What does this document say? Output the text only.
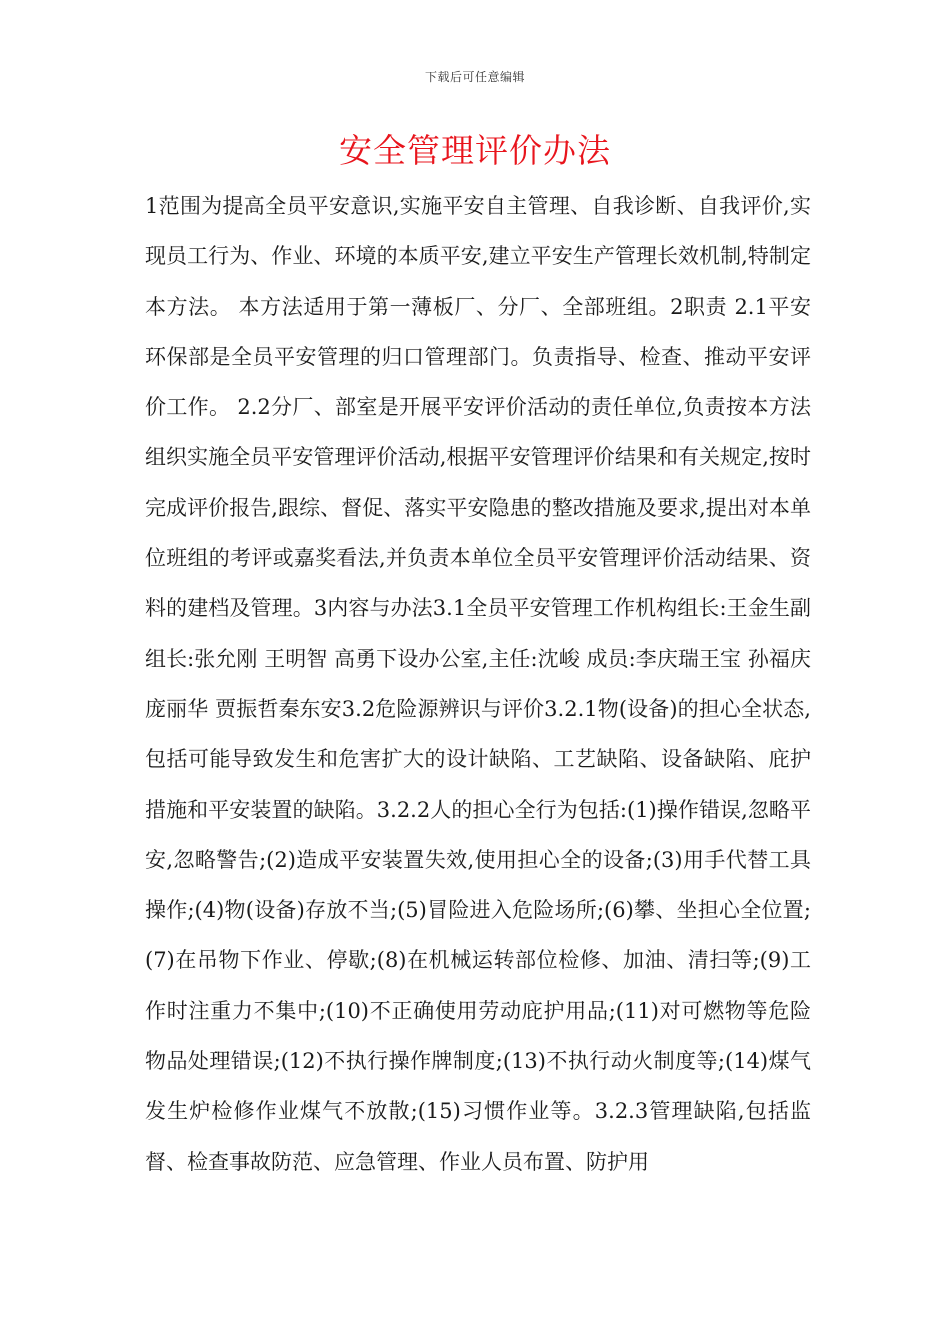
下载后可任意编辑
安全管理评价办法

1范围为提高全员平安意识,实施平安自主管理、自我诊断、自我评价,实现员工行为、作业、环境的本质平安,建立平安生产管理长效机制,特制定本方法。 本方法适用于第一薄板厂、分厂、全部班组。2职责 2.1平安环保部是全员平安管理的归口管理部门。负责指导、检查、推动平安评价工作。 2.2分厂、部室是开展平安评价活动的责任单位,负责按本方法组织实施全员平安管理评价活动,根据平安管理评价结果和有关规定,按时完成评价报告,跟综、督促、落实平安隐患的整改措施及要求,提出对本单位班组的考评或嘉奖看法,并负责本单位全员平安管理评价活动结果、资料的建档及管理。3内容与办法3.1全员平安管理工作机构组长:王金生副组长:张允刚 王明智 高勇下设办公室,主任:沈峻 成员:李庆瑞王宝 孙福庆 庞丽华 贾振哲秦东安3.2危险源辨识与评价3.2.1物(设备)的担心全状态,包括可能导致发生和危害扩大的设计缺陷、工艺缺陷、设备缺陷、庇护措施和平安装置的缺陷。3.2.2人的担心全行为包括:(1)操作错误,忽略平安,忽略警告;(2)造成平安装置失效,使用担心全的设备;(3)用手代替工具操作;(4)物(设备)存放不当;(5)冒险进入危险场所;(6)攀、坐担心全位置;(7)在吊物下作业、停歇;(8)在机械运转部位检修、加油、清扫等;(9)工作时注重力不集中;(10)不正确使用劳动庇护用品;(11)对可燃物等危险物品处理错误;(12)不执行操作牌制度;(13)不执行动火制度等;(14)煤气发生炉检修作业煤气不放散;(15)习惯作业等。3.2.3管理缺陷,包括监督、检查事故防范、应急管理、作业人员布置、防护用
